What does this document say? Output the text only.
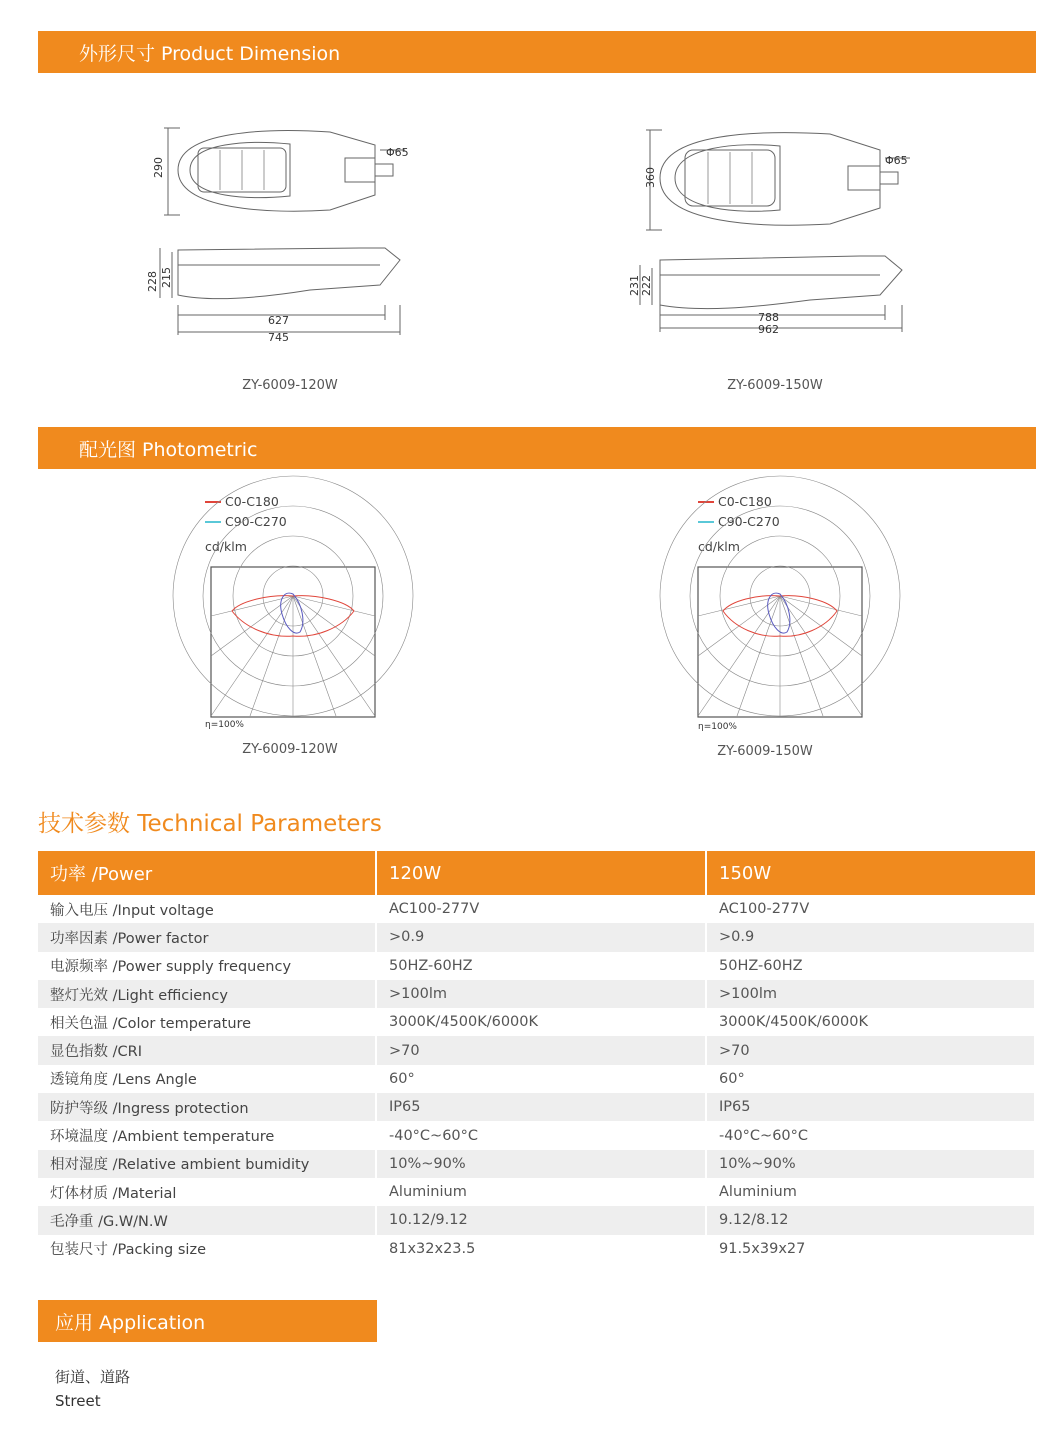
外形尺寸 Product Dimension
290
228 215
627
745
Φ65
ZY-6009-120W
360
231 222
788
962
Φ65
ZY-6009-150W
配光图 Photometric
C0-C180
C90-C270
cd/klm
η=100%
ZY-6009-120W
C0-C180
C90-C270
cd/klm
η=100%
ZY-6009-150W
技术参数 Technical Parameters
功率 /Power	120W	150W
输入电压 /Input voltage	AC100-277V	AC100-277V
功率因素 /Power factor	>0.9	>0.9
电源频率 /Power supply frequency	50HZ-60HZ	50HZ-60HZ
整灯光效 /Light efficiency	>100lm	>100lm
相关色温 /Color temperature	3000K/4500K/6000K	3000K/4500K/6000K
显色指数 /CRI	>70	>70
透镜角度 /Lens Angle	60°	60°
防护等级 /Ingress protection	IP65	IP65
环境温度 /Ambient temperature	-40°C~60°C	-40°C~60°C
相对湿度 /Relative ambient bumidity	10%~90%	10%~90%
灯体材质 /Material	Aluminium	Aluminium
毛净重 /G.W/N.W	10.12/9.12	9.12/8.12
包装尺寸 /Packing size	81x32x23.5	91.5x39x27
应用 Application
街道、道路
Street
